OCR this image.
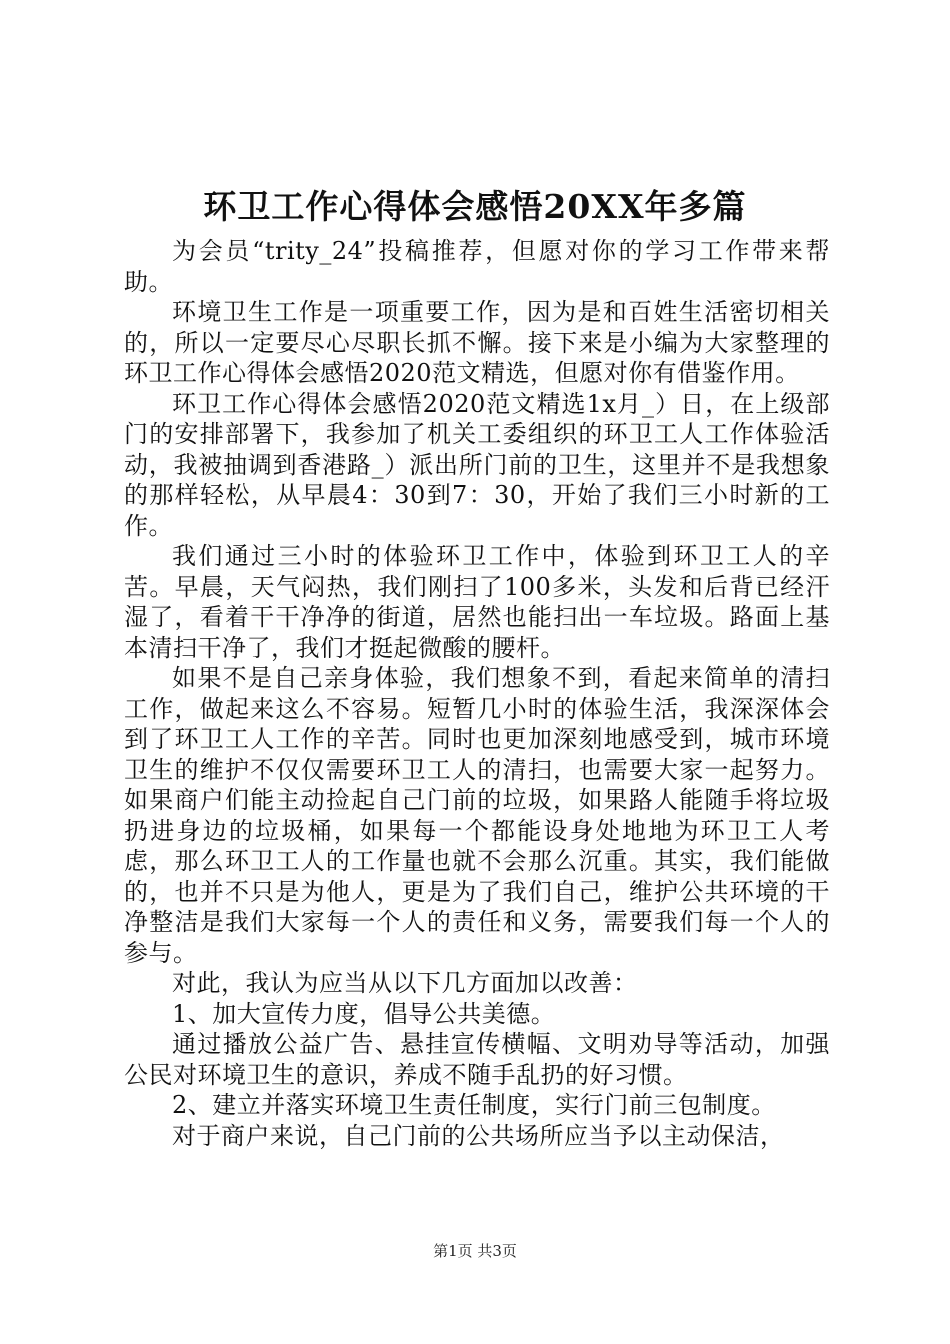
环卫工作心得体会感悟20XX年多篇

为会员“trity_24”投稿推荐，但愿对你的学习工作带来帮助。

环境卫生工作是一项重要工作，因为是和百姓生活密切相关的，所以一定要尽心尽职长抓不懈。接下来是小编为大家整理的环卫工作心得体会感悟2020范文精选，但愿对你有借鉴作用。

环卫工作心得体会感悟2020范文精选1x月_）日，在上级部门的安排部署下，我参加了机关工委组织的环卫工人工作体验活动，我被抽调到香港路_）派出所门前的卫生，这里并不是我想象的那样轻松，从早晨4：30到7：30，开始了我们三小时新的工作。

我们通过三小时的体验环卫工作中，体验到环卫工人的辛苦。早晨，天气闷热，我们刚扫了100多米，头发和后背已经汗湿了，看着干干净净的街道，居然也能扫出一车垃圾。路面上基本清扫干净了，我们才挺起微酸的腰杆。

如果不是自己亲身体验，我们想象不到，看起来简单的清扫工作，做起来这么不容易。短暂几小时的体验生活，我深深体会到了环卫工人工作的辛苦。同时也更加深刻地感受到，城市环境卫生的维护不仅仅需要环卫工人的清扫，也需要大家一起努力。如果商户们能主动捡起自己门前的垃圾，如果路人能随手将垃圾扔进身边的垃圾桶，如果每一个都能设身处地地为环卫工人考虑，那么环卫工人的工作量也就不会那么沉重。其实，我们能做的，也并不只是为他人，更是为了我们自己，维护公共环境的干净整洁是我们大家每一个人的责任和义务，需要我们每一个人的参与。

对此，我认为应当从以下几方面加以改善：

1、加大宣传力度，倡导公共美德。

通过播放公益广告、悬挂宣传横幅、文明劝导等活动，加强公民对环境卫生的意识，养成不随手乱扔的好习惯。

2、建立并落实环境卫生责任制度，实行门前三包制度。

对于商户来说，自己门前的公共场所应当予以主动保洁，

第1页 共3页
